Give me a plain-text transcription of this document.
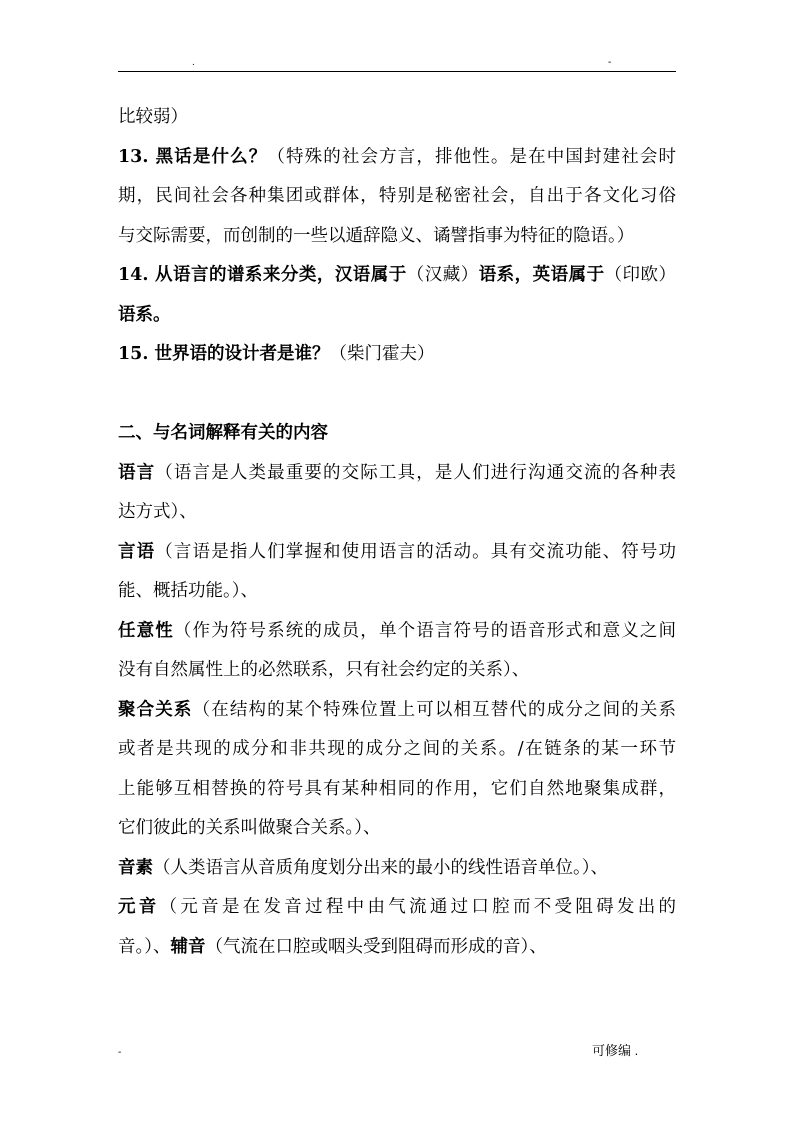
.	-
比较弱）
13. 黑话是什么？（特殊的社会方言，排他性。是在中国封建社会时
期，民间社会各种集团或群体，特别是秘密社会，自出于各文化习俗
与交际需要，而创制的一些以遁辞隐义、谲譬指事为特征的隐语。）
14. 从语言的谱系来分类，汉语属于（汉藏）语系，英语属于（印欧）
语系。
15. 世界语的设计者是谁？（柴门霍夫）
二、与名词解释有关的内容
语言（语言是人类最重要的交际工具，是人们进行沟通交流的各种表
达方式）、
言语（言语是指人们掌握和使用语言的活动。具有交流功能、符号功
能、概括功能。）、
任意性（作为符号系统的成员，单个语言符号的语音形式和意义之间
没有自然属性上的必然联系，只有社会约定的关系）、
聚合关系（在结构的某个特殊位置上可以相互替代的成分之间的关系
或者是共现的成分和非共现的成分之间的关系。/在链条的某一环节
上能够互相替换的符号具有某种相同的作用，它们自然地聚集成群，
它们彼此的关系叫做聚合关系。）、
音素（人类语言从音质角度划分出来的最小的线性语音单位。）、
元音（元音是在发音过程中由气流通过口腔而不受阻碍发出的
音。）、辅音（气流在口腔或咽头受到阻碍而形成的音）、
-	可修编 .
